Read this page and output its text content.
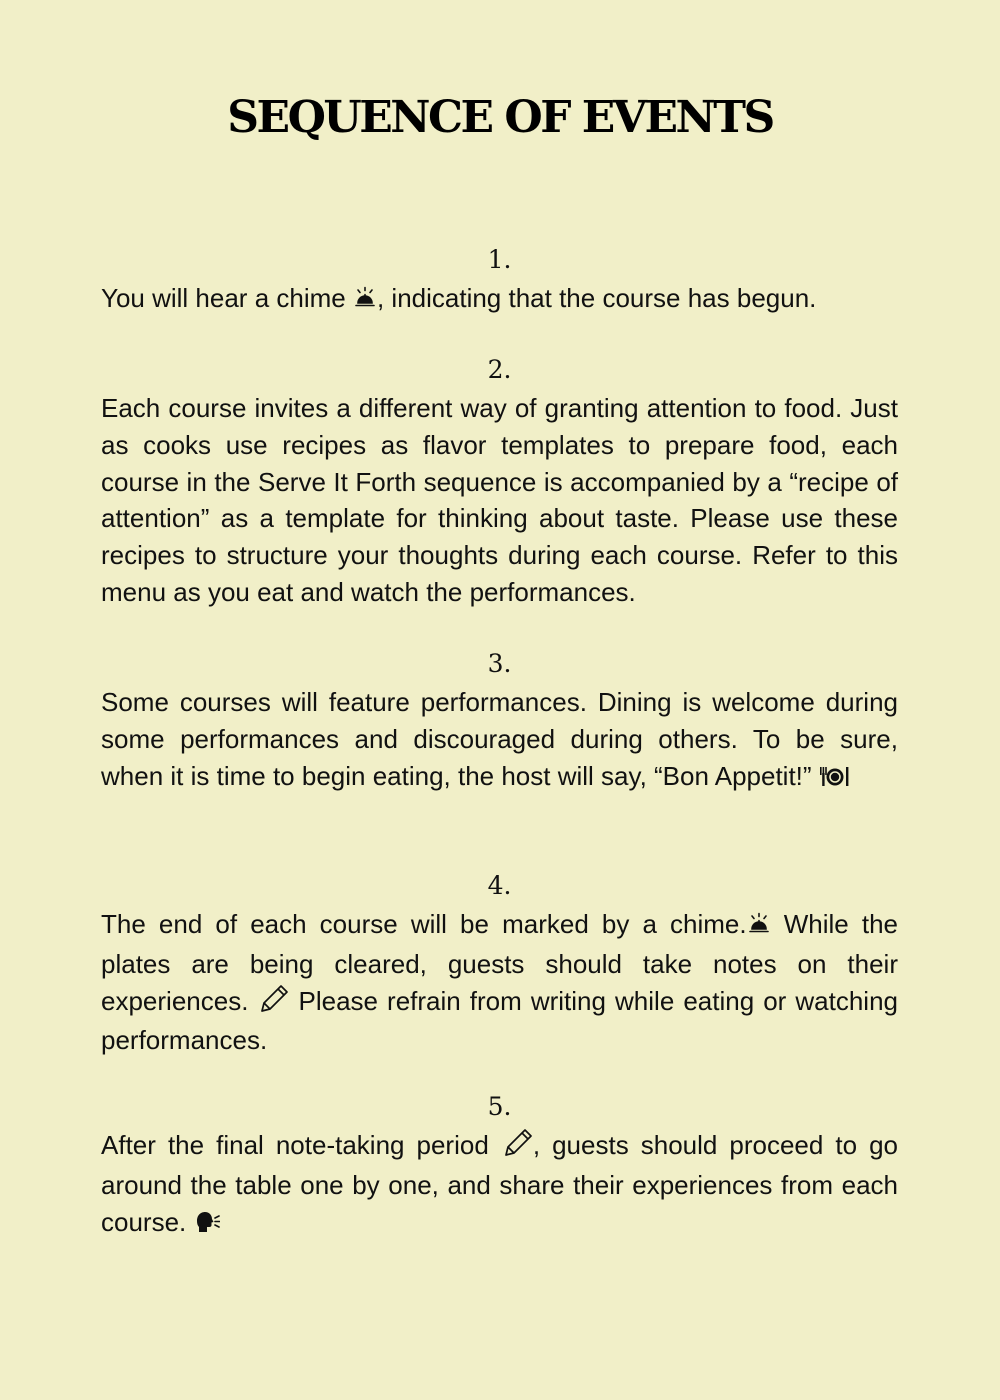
SEQUENCE OF EVENTS
1.

You will hear a chime , indicating that the course has begun.

2.

Each course invites a different way of granting attention to food. Just as cooks use recipes as flavor templates to prepare food, each course in the Serve It Forth sequence is accompanied by a “recipe of attention” as a template for thinking about taste. Please use these recipes to structure your thoughts during each course. Refer to this menu as you eat and watch the performances.

3.

Some courses will feature performances. Dining is welcome during some performances and discouraged during others. To be sure, when it is time to begin eating, the host will say, “Bon Appetit!”

4.

The end of each course will be marked by a chime. While the plates are being cleared, guests should take notes on their experiences.  Please refrain from writing while eating or watching performances.

5.

After the final note-taking period , guests should proceed to go around the table one by one, and share their experiences from each course.
